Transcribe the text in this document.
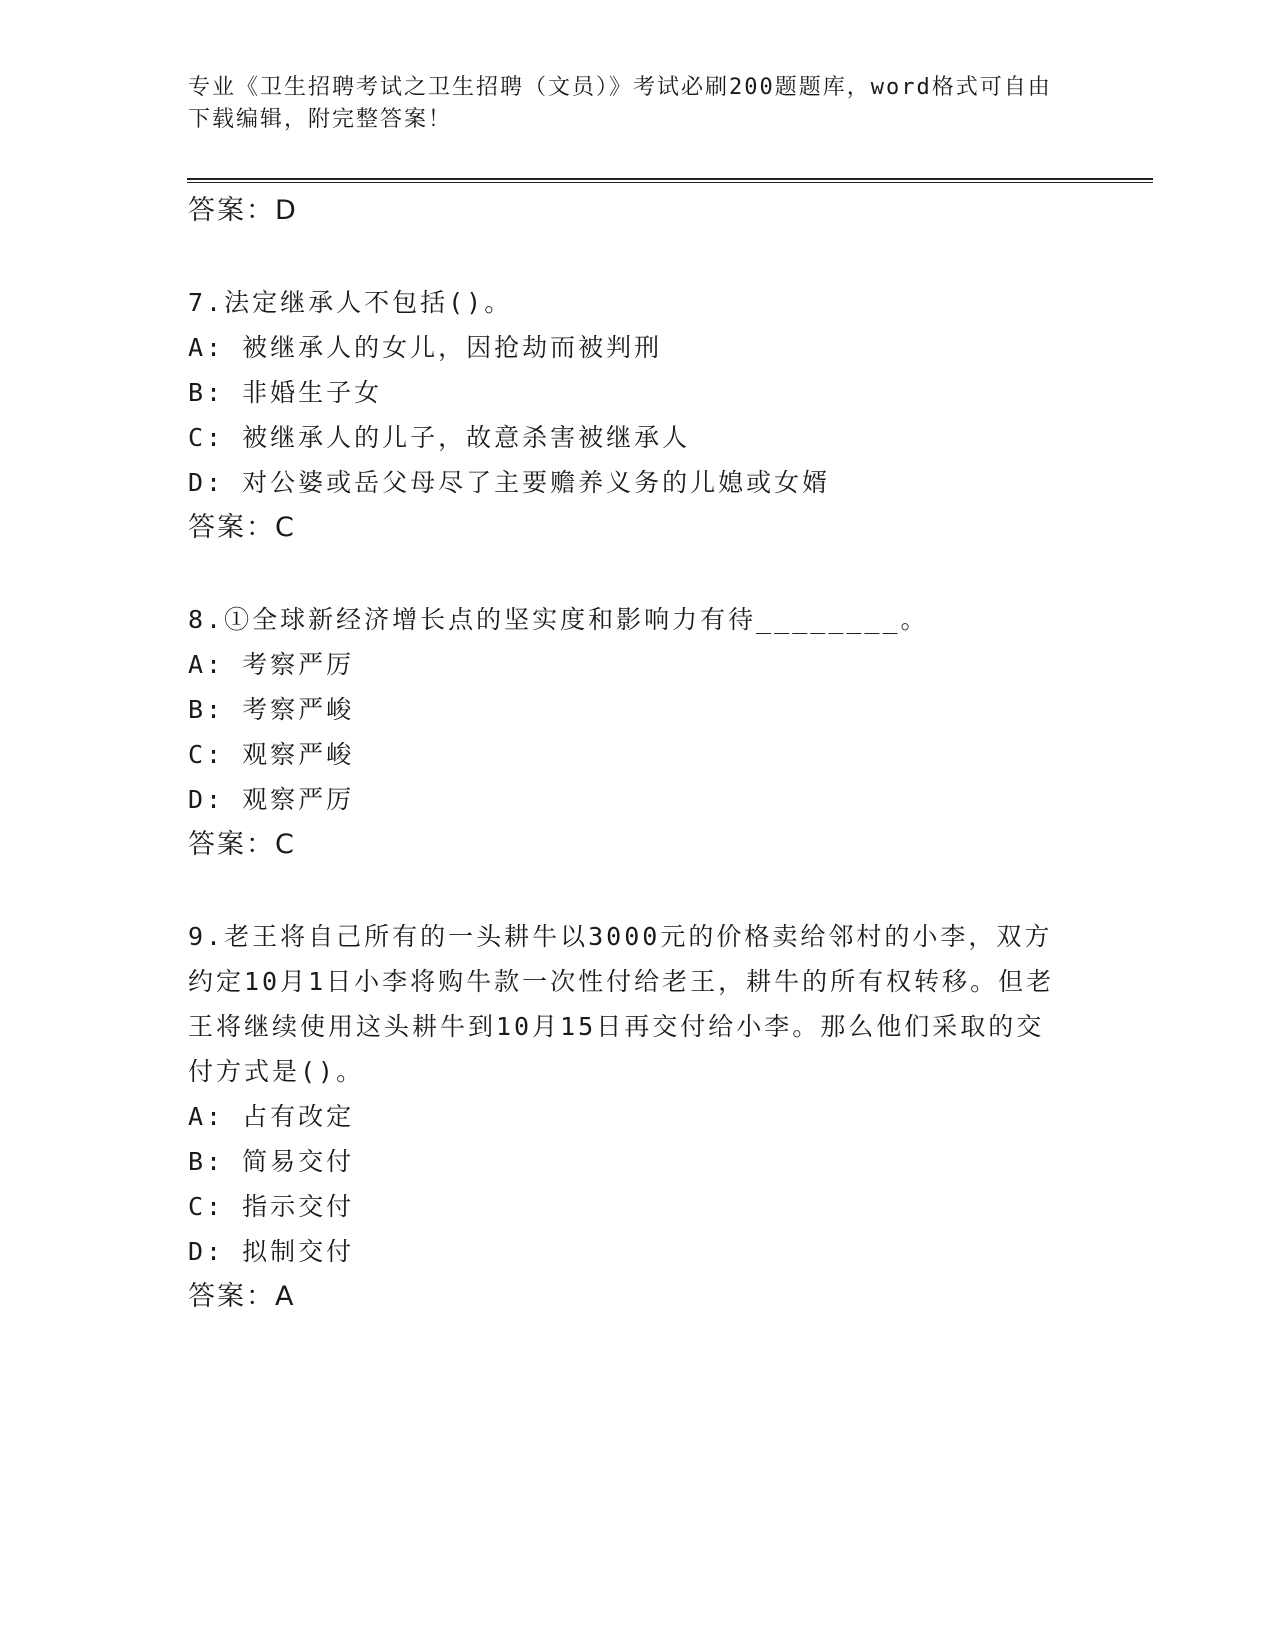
专业《卫生招聘考试之卫生招聘（文员）》考试必刷200题题库，word格式可自由下载编辑，附完整答案！
答案：D
7.法定继承人不包括()。
A: 被继承人的女儿，因抢劫而被判刑
B: 非婚生子女
C: 被继承人的儿子，故意杀害被继承人
D: 对公婆或岳父母尽了主要赡养义务的儿媳或女婿
答案：C
8.①全球新经济增长点的坚实度和影响力有待________。
A: 考察严厉
B: 考察严峻
C: 观察严峻
D: 观察严厉
答案：C
9.老王将自己所有的一头耕牛以3000元的价格卖给邻村的小李，双方约定10月1日小李将购牛款一次性付给老王，耕牛的所有权转移。但老王将继续使用这头耕牛到10月15日再交付给小李。那么他们采取的交付方式是()。
A: 占有改定
B: 简易交付
C: 指示交付
D: 拟制交付
答案：A
